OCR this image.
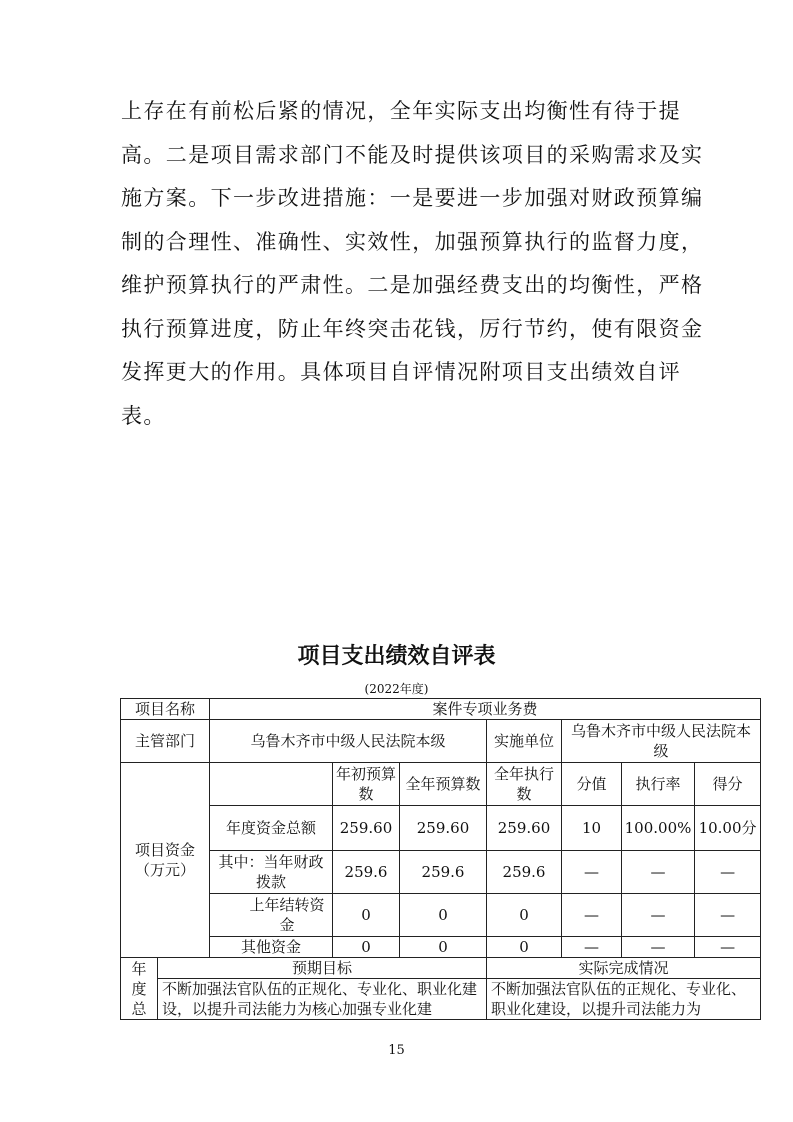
上存在有前松后紧的情况，全年实际支出均衡性有待于提
高。二是项目需求部门不能及时提供该项目的采购需求及实
施方案。下一步改进措施：一是要进一步加强对财政预算编
制的合理性、准确性、实效性，加强预算执行的监督力度，
维护预算执行的严肃性。二是加强经费支出的均衡性，严格
执行预算进度，防止年终突击花钱，厉行节约，使有限资金
发挥更大的作用。具体项目自评情况附项目支出绩效自评
表。
项目支出绩效自评表
(2022年度)
项目名称		案件专项业务费						
主管部门		乌鲁木齐市中级人民法院本级			实施单位	乌鲁木齐市中级人民法院本级		
项目资金（万元）			年初预算数	全年预算数	全年执行数	分值	执行率	得分
		年度资金总额	259.60	259.60	259.60	10	100.00%	10.00分
		其中：当年财政拨款	259.6	259.6	259.6	—	—	—
		上年结转资金	0	0	0	—	—	—
		其他资金	0	0	0	—	—	—
年度总	预期目标				实际完成情况			
	不断加强法官队伍的正规化、专业化、职业化建设，以提升司法能力为核心加强专业化建				不断加强法官队伍的正规化、专业化、职业化建设，以提升司法能力为			
15
